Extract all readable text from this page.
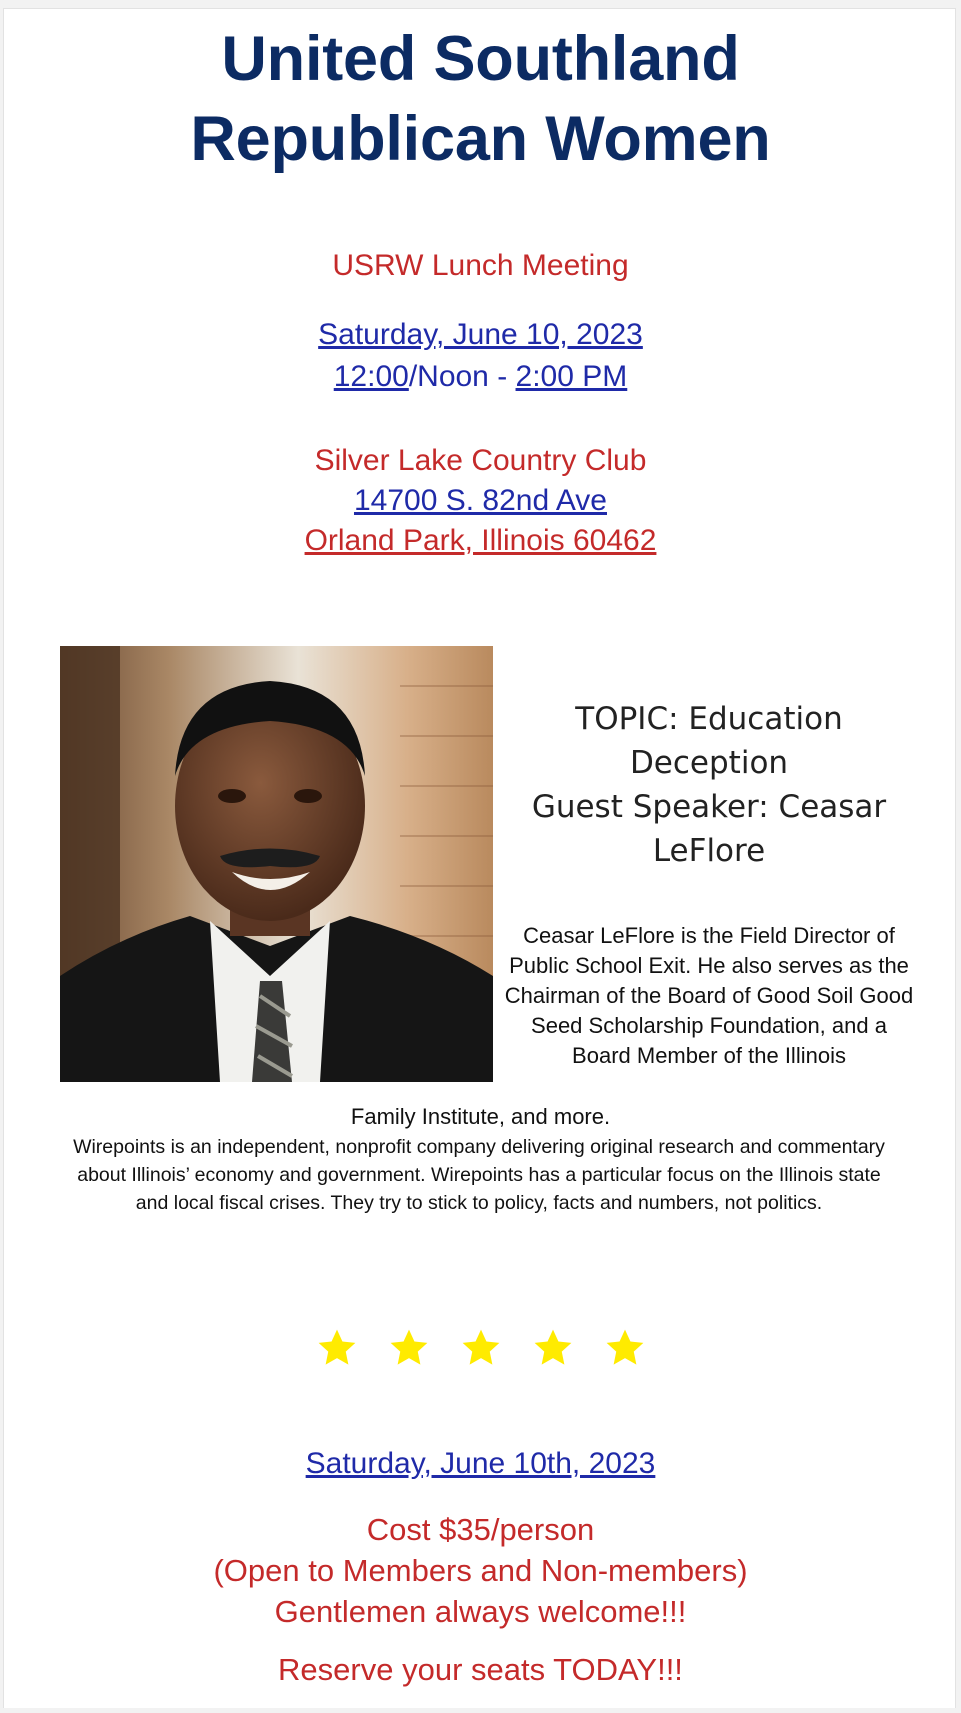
United Southland
Republican Women
USRW Lunch Meeting
Saturday, June 10, 2023
12:00/Noon - 2:00 PM
Silver Lake Country Club
14700 S. 82nd Ave
Orland Park, Illinois 60462
TOPIC: Education Deception
Guest Speaker: Ceasar LeFlore
Ceasar LeFlore is the Field Director of Public School Exit. He also serves as the Chairman of the Board of Good Soil Good Seed Scholarship Foundation, and a Board Member of the Illinois
Family Institute, and more.
Wirepoints is an independent, nonprofit company delivering original research and commentary about Illinois’ economy and government. Wirepoints has a particular focus on the Illinois state and local fiscal crises. They try to stick to policy, facts and numbers, not politics.
Saturday, June 10th, 2023
Cost $35/person
(Open to Members and Non-members)
Gentlemen always welcome!!!
Reserve your seats TODAY!!!
